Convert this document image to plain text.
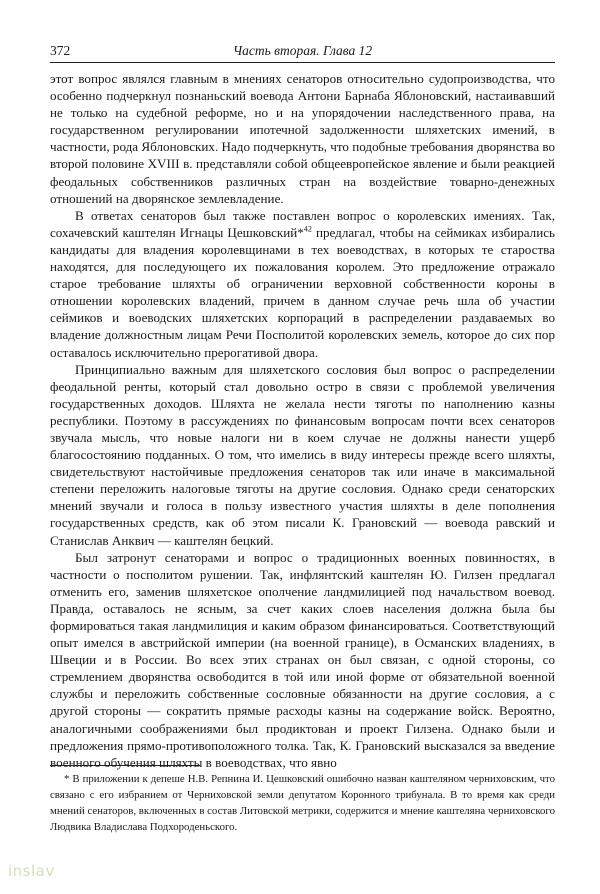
372	Часть вторая. Глава 12

этот вопрос являлся главным в мнениях сенаторов относительно судопроизводства, что особенно подчеркнул познаньский воевода Антони Барнаба Яблоновский, настаивавший не только на судебной реформе, но и на упорядочении наследственного права, на государственном регулировании ипотечной задолженности шляхетских имений, в частности, рода Яблоновских. Надо подчеркнуть, что подобные требования дворянства во второй половине XVIII в. представляли собой общеевропейское явление и были реакцией феодальных собственников различных стран на воздействие товарно-денежных отношений на дворянское землевладение.

В ответах сенаторов был также поставлен вопрос о королевских имениях. Так, сохачевский каштелян Игнацы Цешковский*$^{42}$ предлагал, чтобы на сеймиках избирались кандидаты для владения королевщинами в тех воеводствах, в которых те староства находятся, для последующего их пожалования королем. Это предложение отражало старое требование шляхты об ограничении верховной собственности короны в отношении королевских владений, причем в данном случае речь шла об участии сеймиков и воеводских шляхетских корпораций в распределении раздаваемых во владение должностным лицам Речи Посполитой королевских земель, которое до сих пор оставалось исключительно прерогативой двора.

Принципиально важным для шляхетского сословия был вопрос о распределении феодальной ренты, который стал довольно остро в связи с проблемой увеличения государственных доходов. Шляхта не желала нести тяготы по наполнению казны республики. Поэтому в рассуждениях по финансовым вопросам почти всех сенаторов звучала мысль, что новые налоги ни в коем случае не должны нанести ущерб благосостоянию подданных. О том, что имелись в виду интересы прежде всего шляхты, свидетельствуют настойчивые предложения сенаторов так или иначе в максимальной степени переложить налоговые тяготы на другие сословия. Однако среди сенаторских мнений звучали и голоса в пользу известного участия шляхты в деле пополнения государственных средств, как об этом писали К. Грановский — воевода равский и Станислав Анквич — каштелян бецкий.

Был затронут сенаторами и вопрос о традиционных военных повинностях, в частности о посполитом рушении. Так, инфлянтский каштелян Ю. Гилзен предлагал отменить его, заменив шляхетское ополчение ландмилицией под начальством воевод. Правда, оставалось не ясным, за счет каких слоев населения должна была бы формироваться такая ландмилиция и каким образом финансироваться. Соответствующий опыт имелся в австрийской империи (на военной границе), в Османских владениях, в Швеции и в России. Во всех этих странах он был связан, с одной стороны, со стремлением дворянства освободится в той или иной форме от обязательной военной службы и переложить собственные сословные обязанности на другие сословия, а с другой стороны — сократить прямые расходы казны на содержание войск. Вероятно, аналогичными соображениями был продиктован и проект Гилзена. Однако были и предложения прямо-противоположного толка. Так, К. Грановский высказался за введение военного обучения шляхты в воеводствах, что явно

* В приложении к депеше Н.В. Репнина И. Цешковский ошибочно назван каштеляном черниховским, что связано с его избранием от Черниховской земли депутатом Коронного трибунала. В то время как среди мнений сенаторов, включенных в состав Литовской метрики, содержится и мнение каштеляна черниховского Людвика Владислава Подхороденьского.

inslav
